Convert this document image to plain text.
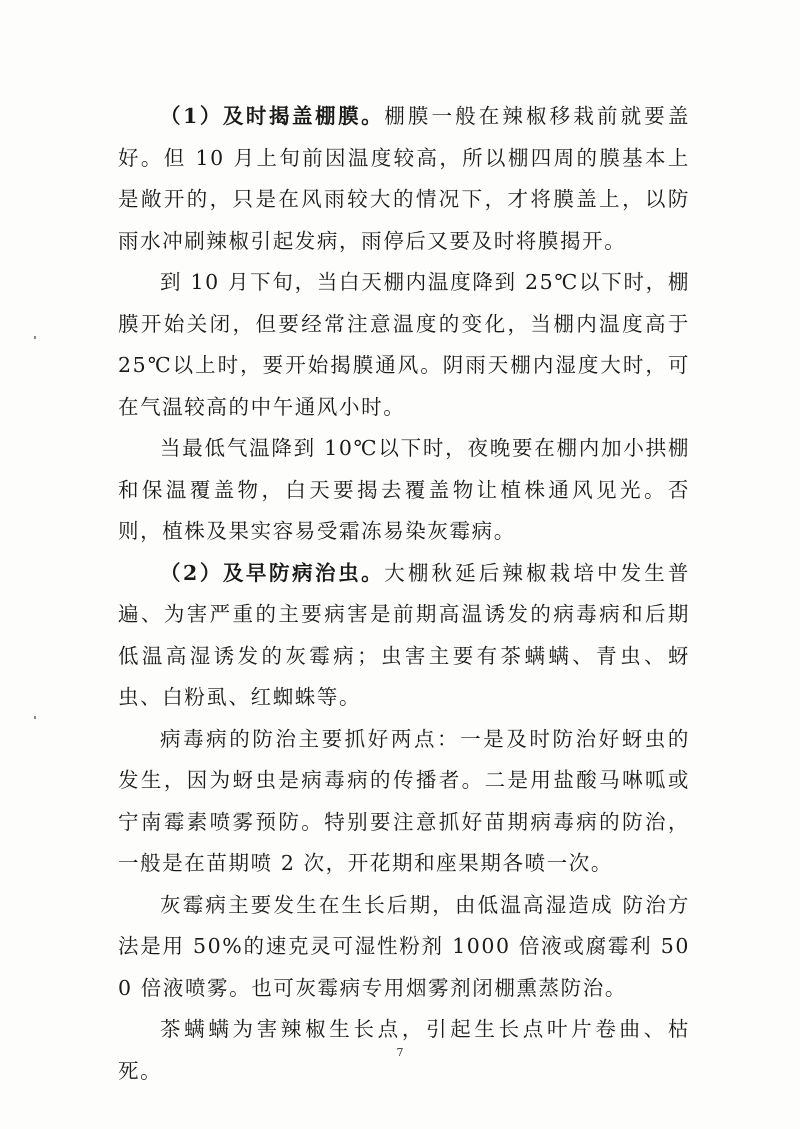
（1）及时揭盖棚膜。棚膜一般在辣椒移栽前就要盖好。但 10 月上旬前因温度较高，所以棚四周的膜基本上是敞开的，只是在风雨较大的情况下，才将膜盖上，以防雨水冲刷辣椒引起发病，雨停后又要及时将膜揭开。

到 10 月下旬，当白天棚内温度降到 25℃以下时，棚膜开始关闭，但要经常注意温度的变化，当棚内温度高于 25℃以上时，要开始揭膜通风。阴雨天棚内湿度大时，可在气温较高的中午通风小时。

当最低气温降到 10℃以下时，夜晚要在棚内加小拱棚和保温覆盖物，白天要揭去覆盖物让植株通风见光。否则，植株及果实容易受霜冻易染灰霉病。

（2）及早防病治虫。大棚秋延后辣椒栽培中发生普遍、为害严重的主要病害是前期高温诱发的病毒病和后期低温高湿诱发的灰霉病；虫害主要有茶螨螨、青虫、蚜虫、白粉虱、红蜘蛛等。

病毒病的防治主要抓好两点：一是及时防治好蚜虫的发生，因为蚜虫是病毒病的传播者。二是用盐酸马啉呱或宁南霉素喷雾预防。特别要注意抓好苗期病毒病的防治，一般是在苗期喷 2 次，开花期和座果期各喷一次。

灰霉病主要发生在生长后期，由低温高湿造成 防治方法是用 50%的速克灵可湿性粉剂 1000 倍液或腐霉利 500 倍液喷雾。也可灰霉病专用烟雾剂闭棚熏蒸防治。

茶螨螨为害辣椒生长点，引起生长点叶片卷曲、枯死。

7
